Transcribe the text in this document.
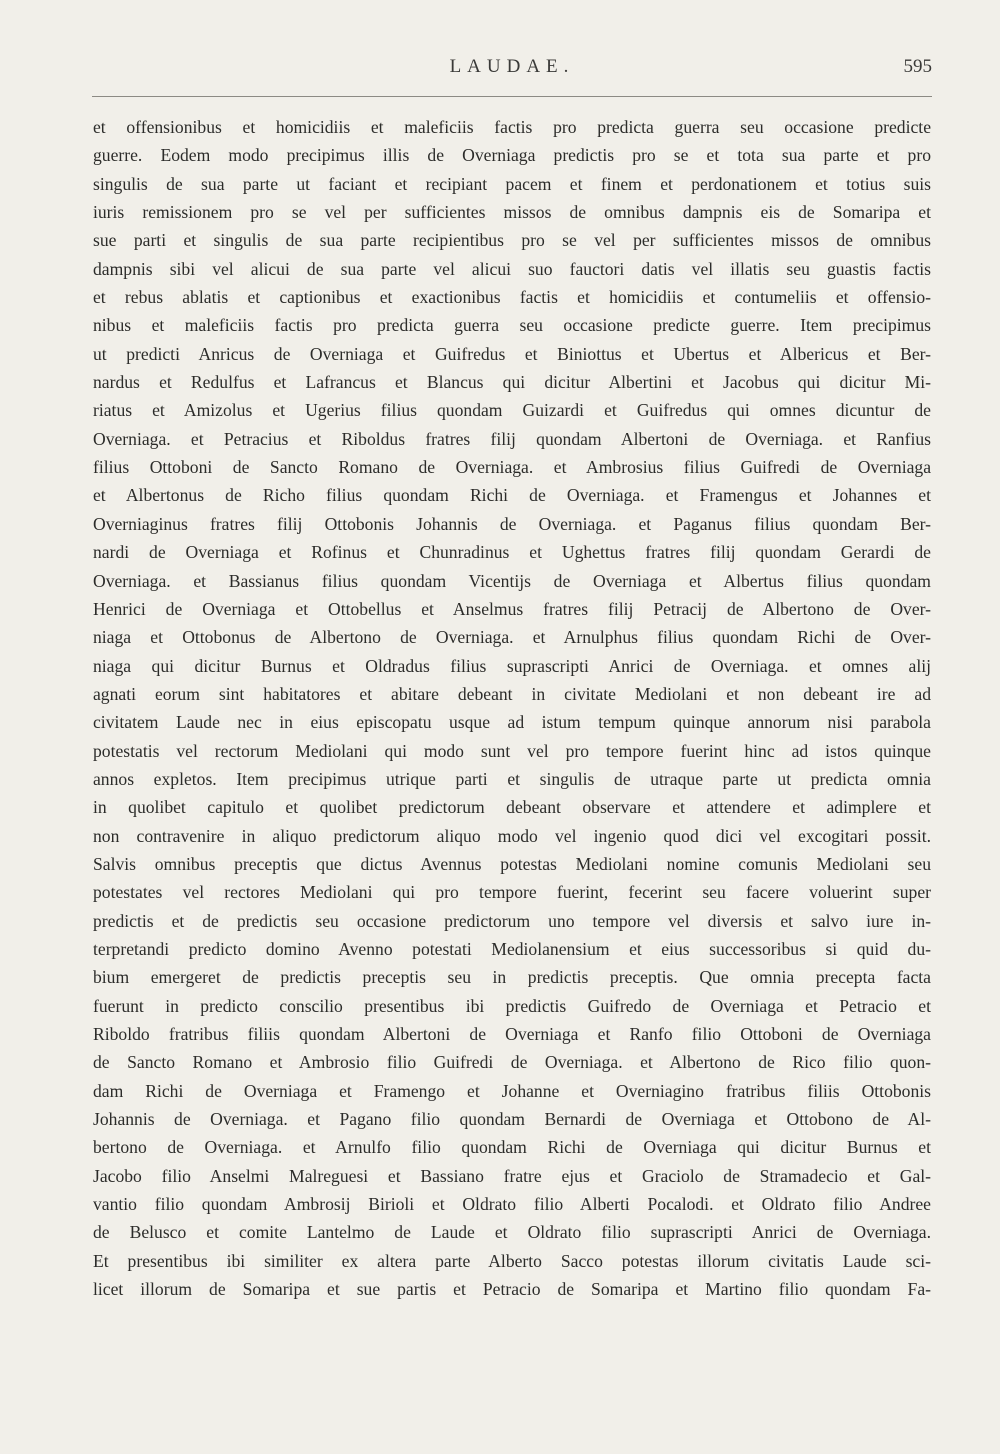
LAUDAE.	595
et offensionibus et homicidiis et maleficiis factis pro predicta guerra seu occasione predicte
guerre. Eodem modo precipimus illis de Overniaga predictis pro se et tota sua parte et pro
singulis de sua parte ut faciant et recipiant pacem et finem et perdonationem et totius suis
iuris remissionem pro se vel per sufficientes missos de omnibus dampnis eis de Somaripa et
sue parti et singulis de sua parte recipientibus pro se vel per sufficientes missos de omnibus
dampnis sibi vel alicui de sua parte vel alicui suo fauctori datis vel illatis seu guastis factis
et rebus ablatis et captionibus et exactionibus factis et homicidiis et contumeliis et offensio-
nibus et maleficiis factis pro predicta guerra seu occasione predicte guerre. Item precipimus
ut predicti Anricus de Overniaga et Guifredus et Biniottus et Ubertus et Albericus et Ber-
nardus et Redulfus et Lafrancus et Blancus qui dicitur Albertini et Jacobus qui dicitur Mi-
riatus et Amizolus et Ugerius filius quondam Guizardi et Guifredus qui omnes dicuntur de
Overniaga. et Petracius et Riboldus fratres filij quondam Albertoni de Overniaga. et Ranfius
filius Ottoboni de Sancto Romano de Overniaga. et Ambrosius filius Guifredi de Overniaga
et Albertonus de Richo filius quondam Richi de Overniaga. et Framengus et Johannes et
Overniaginus fratres filij Ottobonis Johannis de Overniaga. et Paganus filius quondam Ber-
nardi de Overniaga et Rofinus et Chunradinus et Ughettus fratres filij quondam Gerardi de
Overniaga. et Bassianus filius quondam Vicentijs de Overniaga et Albertus filius quondam
Henrici de Overniaga et Ottobellus et Anselmus fratres filij Petracij de Albertono de Over-
niaga et Ottobonus de Albertono de Overniaga. et Arnulphus filius quondam Richi de Over-
niaga qui dicitur Burnus et Oldradus filius suprascripti Anrici de Overniaga. et omnes alij
agnati eorum sint habitatores et abitare debeant in civitate Mediolani et non debeant ire ad
civitatem Laude nec in eius episcopatu usque ad istum tempum quinque annorum nisi parabola
potestatis vel rectorum Mediolani qui modo sunt vel pro tempore fuerint hinc ad istos quinque
annos expletos. Item precipimus utrique parti et singulis de utraque parte ut predicta omnia
in quolibet capitulo et quolibet predictorum debeant observare et attendere et adimplere et
non contravenire in aliquo predictorum aliquo modo vel ingenio quod dici vel excogitari possit.
Salvis omnibus preceptis que dictus Avennus potestas Mediolani nomine comunis Mediolani seu
potestates vel rectores Mediolani qui pro tempore fuerint, fecerint seu facere voluerint super
predictis et de predictis seu occasione predictorum uno tempore vel diversis et salvo iure in-
terpretandi predicto domino Avenno potestati Mediolanensium et eius successoribus si quid du-
bium emergeret de predictis preceptis seu in predictis preceptis. Que omnia precepta facta
fuerunt in predicto conscilio presentibus ibi predictis Guifredo de Overniaga et Petracio et
Riboldo fratribus filiis quondam Albertoni de Overniaga et Ranfo filio Ottoboni de Overniaga
de Sancto Romano et Ambrosio filio Guifredi de Overniaga. et Albertono de Rico filio quon-
dam Richi de Overniaga et Framengo et Johanne et Overniagino fratribus filiis Ottobonis
Johannis de Overniaga. et Pagano filio quondam Bernardi de Overniaga et Ottobono de Al-
bertono de Overniaga. et Arnulfo filio quondam Richi de Overniaga qui dicitur Burnus et
Jacobo filio Anselmi Malreguesi et Bassiano fratre ejus et Graciolo de Stramadecio et Gal-
vantio filio quondam Ambrosij Birioli et Oldrato filio Alberti Pocalodi. et Oldrato filio Andree
de Belusco et comite Lantelmo de Laude et Oldrato filio suprascripti Anrici de Overniaga.
Et presentibus ibi similiter ex altera parte Alberto Sacco potestas illorum civitatis Laude sci-
licet illorum de Somaripa et sue partis et Petracio de Somaripa et Martino filio quondam Fa-
